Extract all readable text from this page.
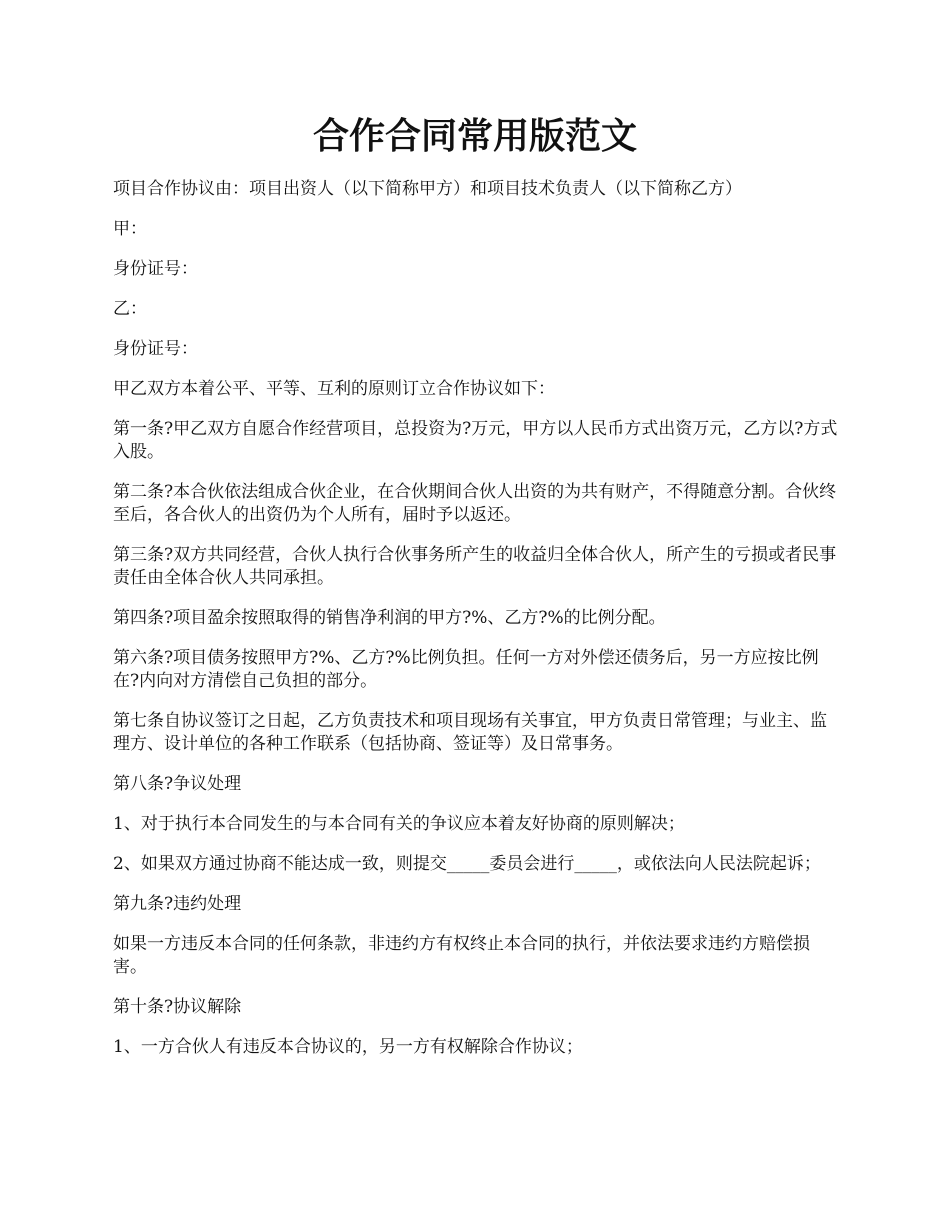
合作合同常用版范文

项目合作协议由：项目出资人（以下简称甲方）和项目技术负责人（以下简称乙方）

甲：

身份证号：

乙：

身份证号：

甲乙双方本着公平、平等、互利的原则订立合作协议如下：

第一条?甲乙双方自愿合作经营项目，总投资为?万元，甲方以人民币方式出资万元，乙方以?方式入股。

第二条?本合伙依法组成合伙企业，在合伙期间合伙人出资的为共有财产，不得随意分割。合伙终至后，各合伙人的出资仍为个人所有，届时予以返还。

第三条?双方共同经营，合伙人执行合伙事务所产生的收益归全体合伙人，所产生的亏损或者民事责任由全体合伙人共同承担。

第四条?项目盈余按照取得的销售净利润的甲方?%、乙方?%的比例分配。

第六条?项目债务按照甲方?%、乙方?%比例负担。任何一方对外偿还债务后，另一方应按比例在?内向对方清偿自己负担的部分。

第七条自协议签订之日起，乙方负责技术和项目现场有关事宜，甲方负责日常管理；与业主、监理方、设计单位的各种工作联系（包括协商、签证等）及日常事务。

第八条?争议处理

1、对于执行本合同发生的与本合同有关的争议应本着友好协商的原则解决；

2、如果双方通过协商不能达成一致，则提交_____委员会进行_____，或依法向人民法院起诉；

第九条?违约处理

如果一方违反本合同的任何条款，非违约方有权终止本合同的执行，并依法要求违约方赔偿损害。

第十条?协议解除

1、一方合伙人有违反本合协议的，另一方有权解除合作协议；
